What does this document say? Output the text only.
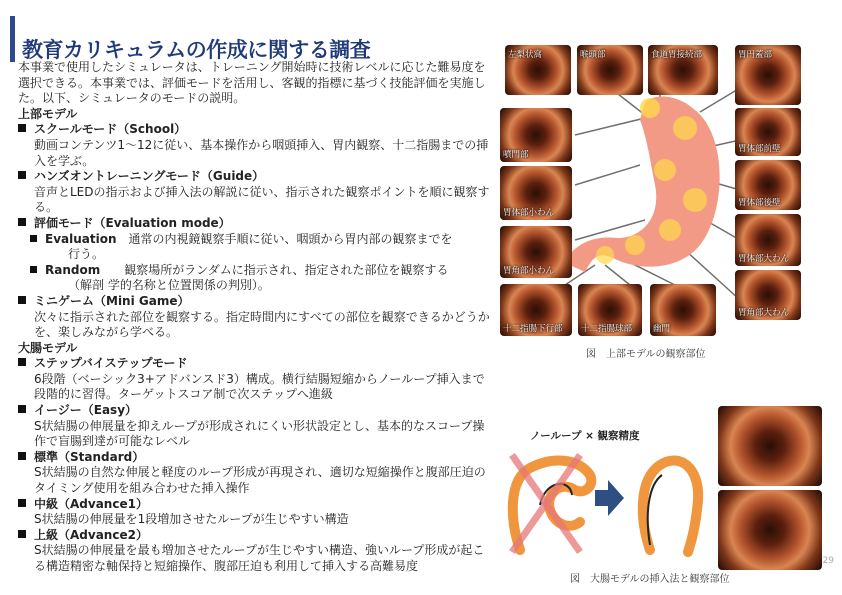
教育カリキュラムの作成に関する調査

本事業で使用したシミュレータは、トレーニング開始時に技術レベルに応じた難易度を選択できる。本事業では、評価モードを活用し、客観的指標に基づく技能評価を実施した。以下、シミュレータのモードの説明。

上部モデル

スクールモード（School）

動画コンテンツ1～12に従い、基本操作から咽頭挿入、胃内観察、十二指腸までの挿入を学ぶ。

ハンズオントレーニングモード（Guide）

音声とLEDの指示および挿入法の解説に従い、指示された観察ポイントを順に観察する。

評価モード（Evaluation mode）

Evaluation　 通常の内視鏡観察手順に従い、咽頭から胃内部の観察までを
行う。

Random　　 観察場所がランダムに指示され、指定された部位を観察する
（解剖 学的名称と位置関係の判別）。

ミニゲーム（Mini Game）

次々に指示された部位を観察する。指定時間内にすべての部位を観察できるかどうかを、楽しみながら学べる。

大腸モデル

ステップバイステップモード

6段階（ベーシック3+アドバンスド3）構成。横行結腸短縮からノーループ挿入まで段階的に習得。ターゲットスコア制で次ステップへ進級

イージー（Easy）

S状結腸の伸展量を抑えループが形成されにくい形状設定とし、基本的なスコープ操作で盲腸到達が可能なレベル

標準（Standard）

S状結腸の自然な伸展と軽度のループ形成が再現され、適切な短縮操作と腹部圧迫のタイミング使用を組み合わせた挿入操作

中級（Advance1）

S状結腸の伸展量を1段増加させたループが生じやすい構造

上級（Advance2）

S状結腸の伸展量を最も増加させたループが生じやすい構造、強いループ形成が起こる構造精密な軸保持と短縮操作、腹部圧迫も利用して挿入する高難易度

左梨状窩	喉頭部	食道胃接続部	胃円蓋部
噴門部
胃体部小わん
胃角部小わん
胃体部前壁
胃体部後壁
胃体部大わん
胃角部大わん
十二指腸下行部 十二指腸球部 幽門
図　上部モデルの観察部位
ノーループ × 観察精度
図　大腸モデルの挿入法と観察部位
29
